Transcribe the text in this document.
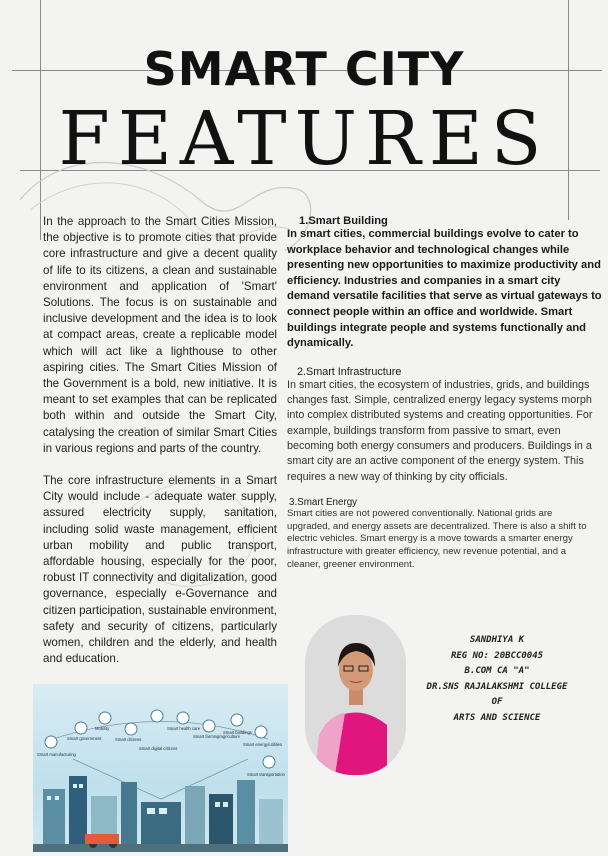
SMART CITY
FEATURES

In the approach to the Smart Cities Mission, the objective is to promote cities that provide core infrastructure and give a decent quality of life to its citizens, a clean and sustainable environment and application of 'Smart' Solutions. The focus is on sustainable and inclusive development and the idea is to look at compact areas, create a replicable model which will act like a lighthouse to other aspiring cities. The Smart Cities Mission of the Government is a bold, new initiative. It is meant to set examples that can be replicated both within and outside the Smart City, catalysing the creation of similar Smart Cities in various regions and parts of the country.

The core infrastructure elements in a Smart City would include - adequate water supply, assured electricity supply, sanitation, including solid waste management, efficient urban mobility and public transport, affordable housing, especially for the poor, robust IT connectivity and digitalization, good governance, especially e-Governance and citizen participation, sustainable environment, safety and security of citizens, particularly women, children and the elderly, and health and education.

1.Smart Building
In smart cities, commercial buildings evolve to cater to workplace behavior and technological changes while presenting new opportunities to maximize productivity and efficiency. Industries and companies in a smart city demand versatile facilities that serve as virtual gateways to connect people within an office and worldwide. Smart buildings integrate people and systems functionally and dynamically.
2.Smart Infrastructure
In smart cities, the ecosystem of industries, grids, and buildings changes fast. Simple, centralized energy legacy systems morph into complex distributed systems and creating opportunities. For example, buildings transform from passive to smart, even becoming both energy consumers and producers. Buildings in a smart city are an active component of the energy system. This requires a new way of thinking by city officials.
3.Smart Energy
Smart cities are not powered conventionally. National grids are upgraded, and energy assets are decentralized. There is also a shift to electric vehicles. Smart energy is a move towards a smarter energy infrastructure with greater efficiency, new revenue potential, and a cleaner, greener environment.
Smart manufacturing
Smart government
Mobility
Smart citizens
Smart digital citizens
Smart health care
Smart farming/agriculture
Smart buildings
Smart energy/utilities
Smart transportation
SANDHIYA K
REG NO: 20BCC0045
B.COM CA "A"
DR.SNS RAJALAKSHMI COLLEGE
OF
ARTS AND SCIENCE
